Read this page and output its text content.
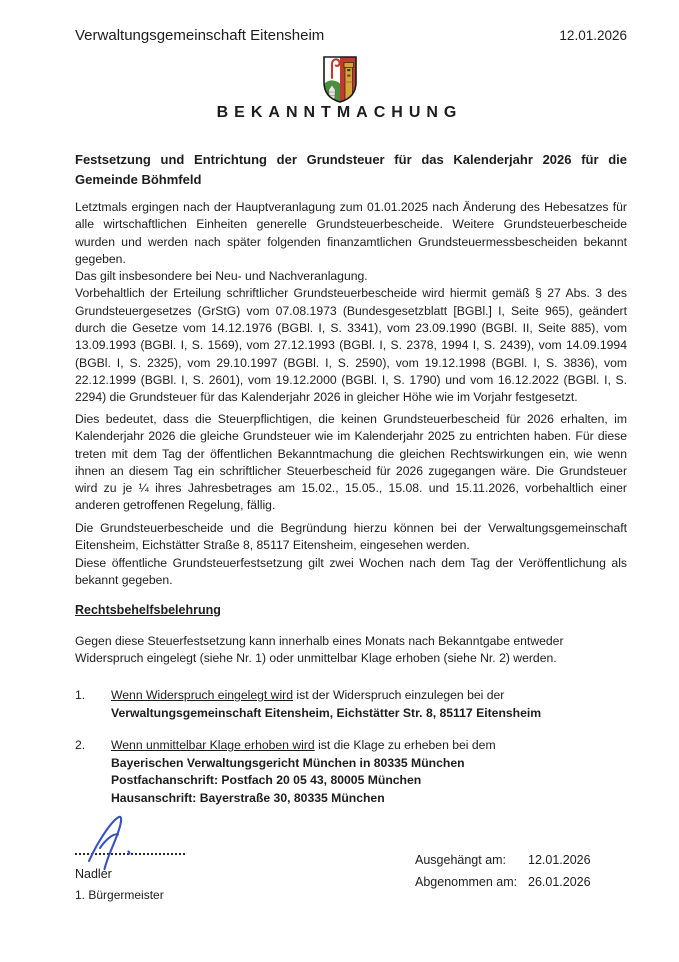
Verwaltungsgemeinschaft Eitensheim	12.01.2026
BEKANNTMACHUNG
Festsetzung und Entrichtung der Grundsteuer für das Kalenderjahr 2026 für die Gemeinde Böhmfeld

Letztmals ergingen nach der Hauptveranlagung zum 01.01.2025 nach Änderung des Hebesatzes für alle wirtschaftlichen Einheiten generelle Grundsteuerbescheide. Weitere Grundsteuerbescheide wurden und werden nach später folgenden finanzamtlichen Grundsteuermessbescheiden bekannt gegeben.

Das gilt insbesondere bei Neu- und Nachveranlagung.

Vorbehaltlich der Erteilung schriftlicher Grundsteuerbescheide wird hiermit gemäß § 27 Abs. 3 des Grundsteuergesetzes (GrStG) vom 07.08.1973 (Bundesgesetzblatt [BGBl.] I, Seite 965), geändert durch die Gesetze vom 14.12.1976 (BGBl. I, S. 3341), vom 23.09.1990 (BGBl. II, Seite 885), vom 13.09.1993 (BGBl. I, S. 1569), vom 27.12.1993 (BGBl. I, S. 2378, 1994 I, S. 2439), vom 14.09.1994 (BGBl. I, S. 2325), vom 29.10.1997 (BGBl. I, S. 2590), vom 19.12.1998 (BGBl. I, S. 3836), vom 22.12.1999 (BGBl. I, S. 2601), vom 19.12.2000 (BGBl. I, S. 1790) und vom 16.12.2022 (BGBl. I, S. 2294) die Grundsteuer für das Kalenderjahr 2026 in gleicher Höhe wie im Vorjahr festgesetzt.

Dies bedeutet, dass die Steuerpflichtigen, die keinen Grundsteuerbescheid für 2026 erhalten, im Kalenderjahr 2026 die gleiche Grundsteuer wie im Kalenderjahr 2025 zu entrichten haben. Für diese treten mit dem Tag der öffentlichen Bekanntmachung die gleichen Rechtswirkungen ein, wie wenn ihnen an diesem Tag ein schriftlicher Steuerbescheid für 2026 zugegangen wäre. Die Grundsteuer wird zu je ¼ ihres Jahresbetrages am 15.02., 15.05., 15.08. und 15.11.2026, vorbehaltlich einer anderen getroffenen Regelung, fällig.

Die Grundsteuerbescheide und die Begründung hierzu können bei der Verwaltungsgemeinschaft Eitensheim, Eichstätter Straße 8, 85117 Eitensheim, eingesehen werden.

Diese öffentliche Grundsteuerfestsetzung gilt zwei Wochen nach dem Tag der Veröffentlichung als bekannt gegeben.

Rechtsbehelfsbelehrung

Gegen diese Steuerfestsetzung kann innerhalb eines Monats nach Bekanntgabe entweder Widerspruch eingelegt (siehe Nr. 1) oder unmittelbar Klage erhoben (siehe Nr. 2) werden.

1.	Wenn Widerspruch eingelegt wird ist der Widerspruch einzulegen bei der
Verwaltungsgemeinschaft Eitensheim, Eichstätter Str. 8, 85117 Eitensheim
2.	Wenn unmittelbar Klage erhoben wird ist die Klage zu erheben bei dem
Bayerischen Verwaltungsgericht München in 80335 München
Postfachanschrift: Postfach 20 05 43, 80005 München
Hausanschrift: Bayerstraße 30, 80335 München
Nadler
1. Bürgermeister
Ausgehängt am:	12.01.2026
Abgenommen am: 26.01.2026
